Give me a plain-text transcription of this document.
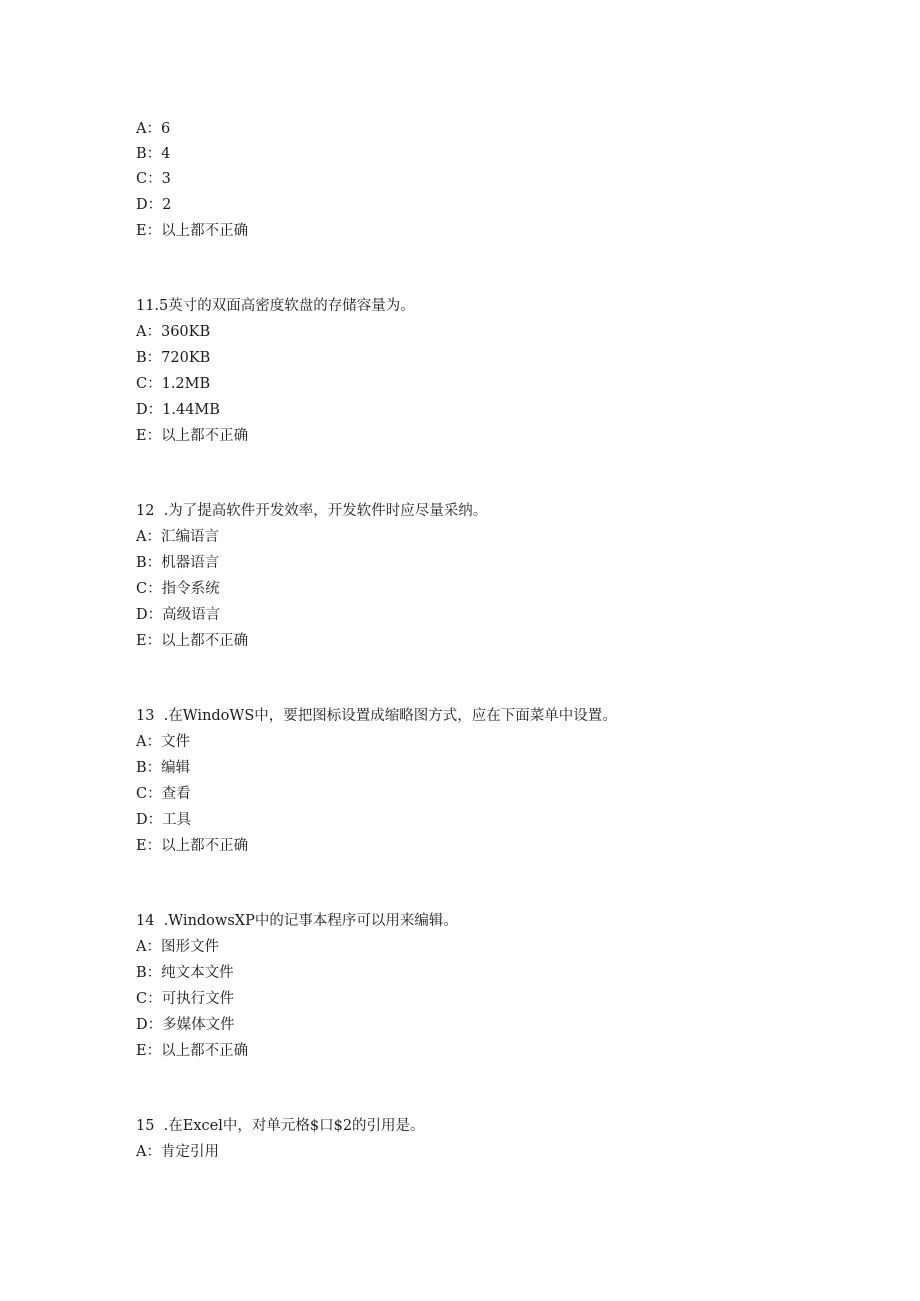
A：6
B：4
C：3
D：2
E：以上都不正确
11.5英寸的双面高密度软盘的存储容量为。
A：360KB
B：720KB
C：1.2MB
D：1.44MB
E：以上都不正确
12  .为了提高软件开发效率，开发软件时应尽量采纳。
A：汇编语言
B：机器语言
C：指令系统
D：高级语言
E：以上都不正确
13  .在WindoWS中，要把图标设置成缩略图方式，应在下面菜单中设置。
A：文件
B：编辑
C：查看
D：工具
E：以上都不正确
14  .WindowsXP中的记事本程序可以用来编辑。
A：图形文件
B：纯文本文件
C：可执行文件
D：多媒体文件
E：以上都不正确
15  .在Excel中，对单元格$口$2的引用是。
A：肯定引用
